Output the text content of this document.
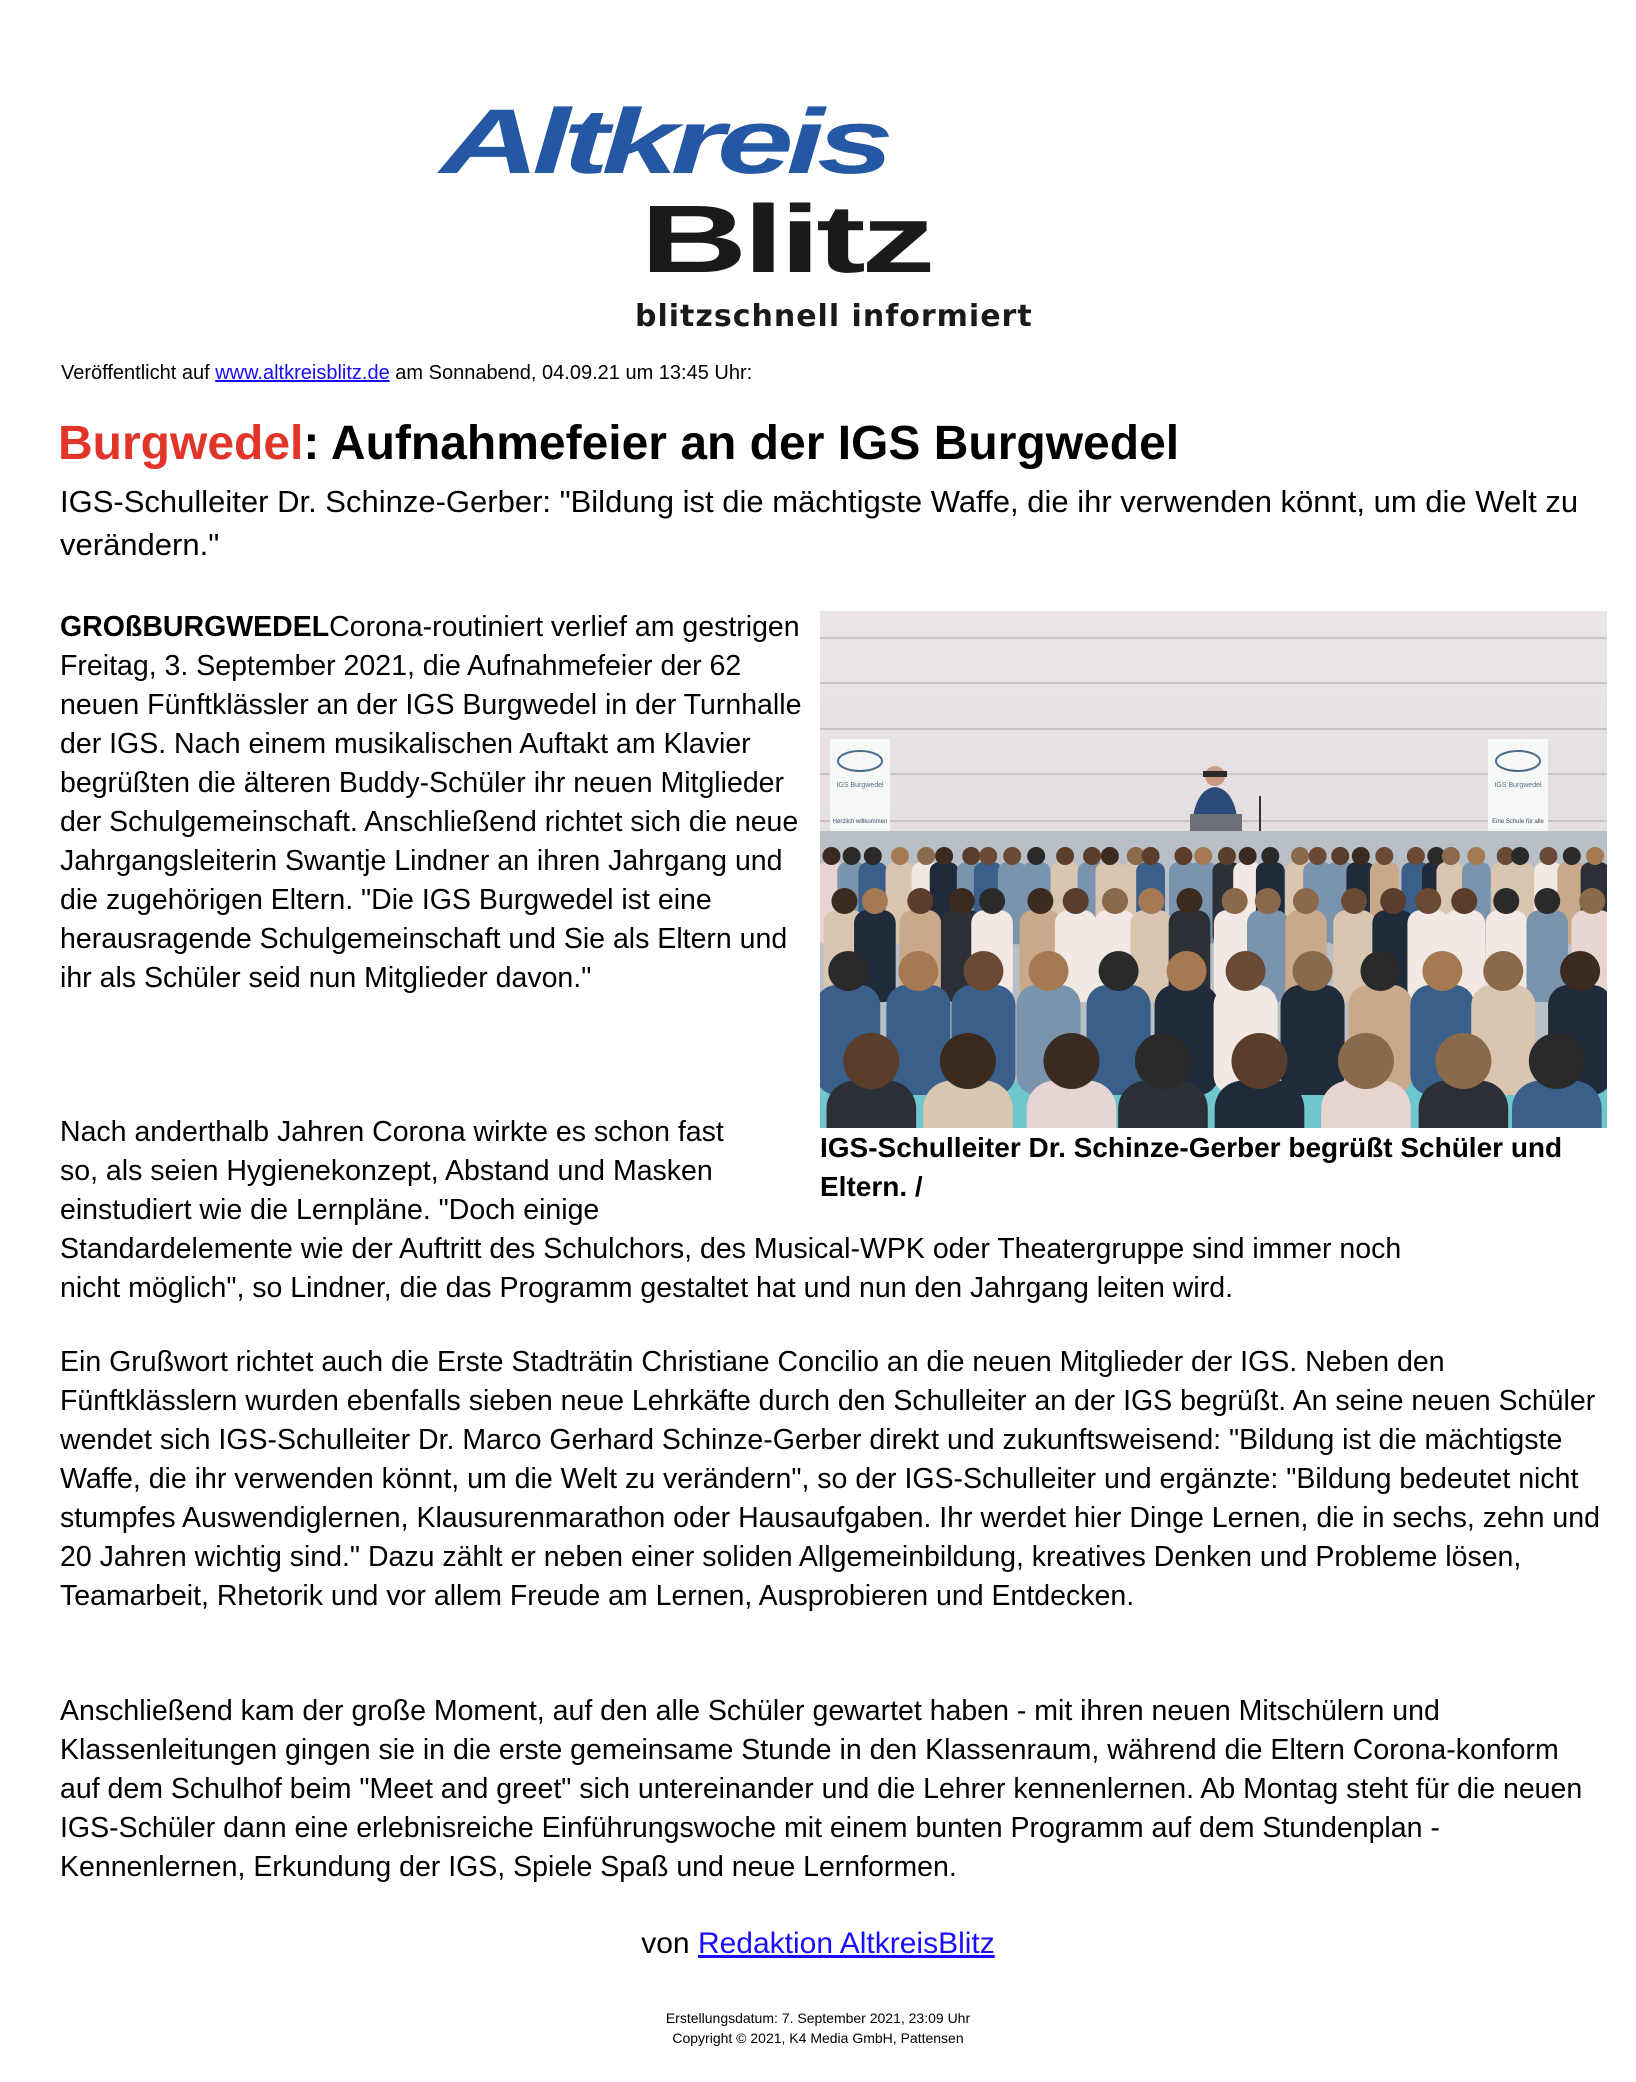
Altkreis
Blitz
blitzschnell informiert
Veröffentlicht auf www.altkreisblitz.de am Sonnabend, 04.09.21 um 13:45 Uhr:
Burgwedel: Aufnahmefeier an der IGS Burgwedel

IGS-Schulleiter Dr. Schinze-Gerber: "Bildung ist die mächtigste Waffe, die ihr verwenden könnt, um die Welt zu verändern."

GROßBURGWEDELCorona-routiniert verlief am gestrigen Freitag, 3. September 2021, die Aufnahmefeier der 62 neuen Fünftklässler an der IGS Burgwedel in der Turnhalle der IGS. Nach einem musikalischen Auftakt am Klavier begrüßten die älteren Buddy-Schüler ihr neuen Mitglieder der Schulgemeinschaft. Anschließend richtet sich die neue Jahrgangsleiterin Swantje Lindner an ihren Jahrgang und die zugehörigen Eltern. "Die IGS Burgwedel ist eine herausragende Schulgemeinschaft und Sie als Eltern und ihr als Schüler seid nun Mitglieder davon."
IGS Burgwedel
Herzlich willkommen
IGS Burgwedel
Eine Schule für alle
IGS-Schulleiter Dr. Schinze-Gerber begrüßt Schüler und Eltern. /
Nach anderthalb Jahren Corona wirkte es schon fast
so, als seien Hygienekonzept, Abstand und Masken
einstudiert wie die Lernpläne. "Doch einige
Standardelemente wie der Auftritt des Schulchors, des Musical-WPK oder Theatergruppe sind immer noch
nicht möglich", so Lindner, die das Programm gestaltet hat und nun den Jahrgang leiten wird.

Ein Grußwort richtet auch die Erste Stadträtin Christiane Concilio an die neuen Mitglieder der IGS. Neben den Fünftklässlern wurden ebenfalls sieben neue Lehrkäfte durch den Schulleiter an der IGS begrüßt. An seine neuen Schüler wendet sich IGS-Schulleiter Dr. Marco Gerhard Schinze-Gerber direkt und zukunftsweisend: "Bildung ist die mächtigste Waffe, die ihr verwenden könnt, um die Welt zu verändern", so der IGS-Schulleiter und ergänzte: "Bildung bedeutet nicht stumpfes Auswendiglernen, Klausurenmarathon oder Hausaufgaben. Ihr werdet hier Dinge Lernen, die in sechs, zehn und 20 Jahren wichtig sind." Dazu zählt er neben einer soliden Allgemeinbildung, kreatives Denken und Probleme lösen, Teamarbeit, Rhetorik und vor allem Freude am Lernen, Ausprobieren und Entdecken.

Anschließend kam der große Moment, auf den alle Schüler gewartet haben - mit ihren neuen Mitschülern und Klassenleitungen gingen sie in die erste gemeinsame Stunde in den Klassenraum, während die Eltern Corona-konform auf dem Schulhof beim "Meet and greet" sich untereinander und die Lehrer kennenlernen. Ab Montag steht für die neuen IGS-Schüler dann eine erlebnisreiche Einführungswoche mit einem bunten Programm auf dem Stundenplan - Kennenlernen, Erkundung der IGS, Spiele Spaß und neue Lernformen.

von Redaktion AltkreisBlitz
Erstellungsdatum: 7. September 2021, 23:09 Uhr
Copyright © 2021, K4 Media GmbH, Pattensen
